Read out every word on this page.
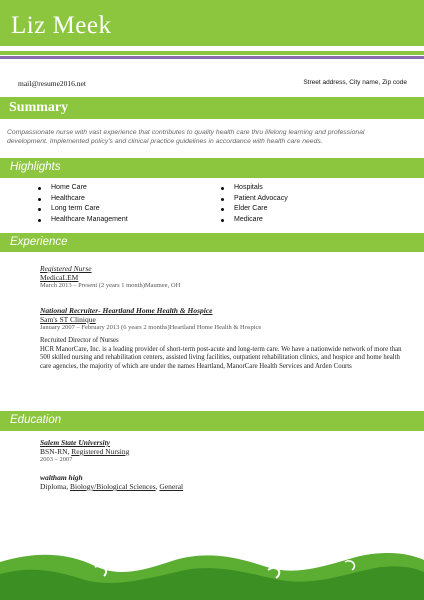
Liz Meek
mail@resume2016.net	Street address, City name, Zip code
Summary
Compassionate nurse with vast experience that contributes to quality health care thru lifelong learning and professional development. Implemented policy's and clinical practice guidelines in accordance with health care needs.
Highlights
Home Care
Healthcare
Long term Care
Healthcare Management
Hospitals
Patient Advocacy
Elder Care
Medicare
Experience
Registered Nurse
MedicaLEM
March 2013 – Present (2 years 1 month)Maumee, OH
National Recruiter- Heartland Home Health & Hospice
Sam's ST Clinique
January 2007 – February 2013 (6 years 2 months)Heartland Home Health & Hospice
Recruited Director of Nurses
HCR ManorCare, Inc. is a leading provider of short-term post-acute and long-term care. We have a nationwide network of more than 500 skilled nursing and rehabilitation centers, assisted living facilities, outpatient rehabilitation clinics, and hospice and home health care agencies, the majority of which are under the names Heartland, ManorCare Health Services and Arden Courts
Education
Salem State University
BSN-RN, Registered Nursing
2003 – 2007
waltham high
Diploma, Biology/Biological Sciences, General
